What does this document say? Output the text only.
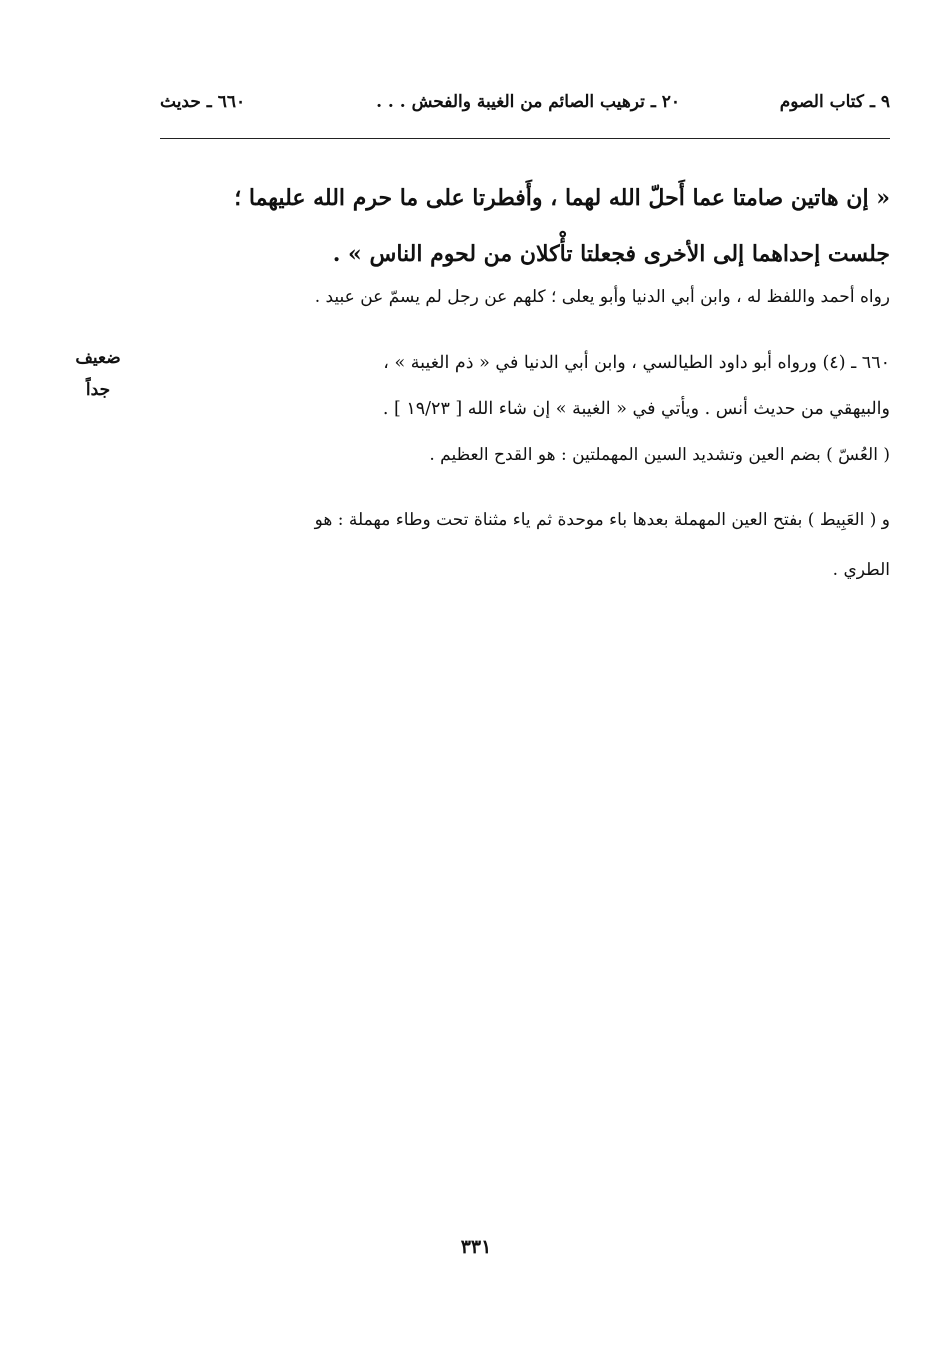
٩ ـ كتاب الصوم
٢٠ ـ ترهيب الصائم من الغيبة والفحش . . .
٦٦٠ ـ حديث
« إن هاتين صامتا عما أَحلّ الله لهما ، وأَفطرتا على ما حرم الله عليهما ؛
جلست إحداهما إلى الأخرى فجعلتا تأْكلان من لحوم الناس » .
رواه أحمد واللفظ له ، وابن أبي الدنيا وأبو يعلى ؛ كلهم عن رجل لم يسمّ عن عبيد .
٦٦٠ ـ (٤) ورواه أبو داود الطيالسي ، وابن أبي الدنيا في « ذم الغيبة » ،
والبيهقي من حديث أنس . ويأتي في « الغيبة » إن شاء الله [ ١٩/٢٣ ] .
ضعيف
جداً
( العُسّ ) بضم العين وتشديد السين المهملتين : هو القدح العظيم .
و ( العَبِيط ) بفتح العين المهملة بعدها باء موحدة ثم ياء مثناة تحت وطاء مهملة : هو
الطري .
٣٣١
